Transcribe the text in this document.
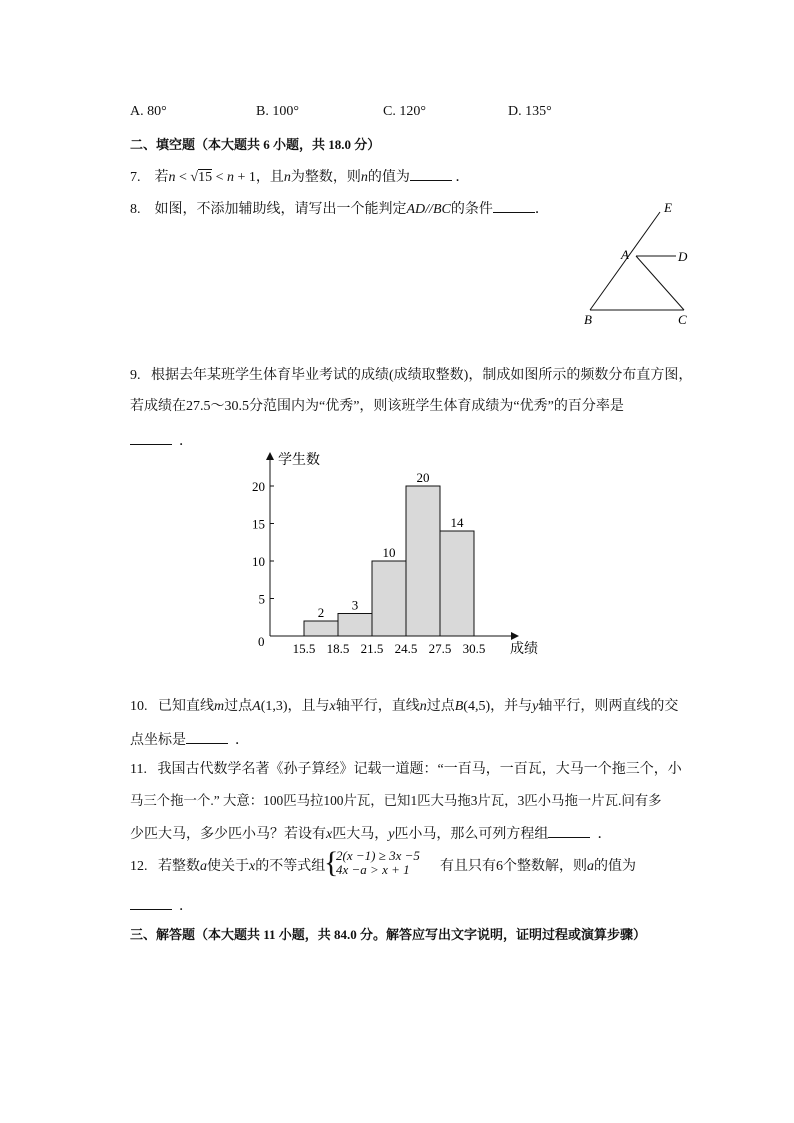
A. 80°	B. 100°	C. 120°	D. 135°
二、填空题（本大题共 6 小题，共 18.0 分）
7. 若n < √15 < n + 1，且n为整数，则n的值为	．
8. 如图，不添加辅助线，请写出一个能判定AD//BC的条件	．	E
A	D
B	C
9. 根据去年某班学生体育毕业考试的成绩(成绩取整数)，制成如图所示的频数分布直方图，
若成绩在27.5～30.5分范围内为“优秀”，则该班学生体育成绩为“优秀”的百分率是
．
学生数
成绩
0
2 3
10
20
14
5
10
15
20
15.5 18.5 21.5 24.5 27.5 30.5
10. 已知直线m过点A(1,3)，且与x轴平行，直线n过点B(4,5)，并与y轴平行，则两直线的交
点坐标是	．
11. 我国古代数学名著《孙子算经》记载一道题：“一百马，一百瓦，大马一个拖三个，小
马三个拖一个.” 大意：100匹马拉100片瓦，已知1匹大马拖3片瓦，3匹小马拖一片瓦.问有多
少匹大马，多少匹小马？若设有x匹大马，y匹小马，那么可列方程组	．
12. 若整数a使关于x的不等式组
{
2(x −1) ≥ 3x −5
4x −a > x + 1	有且只有6个整数解，则a的值为
．
三、解答题（本大题共 11 小题，共 84.0 分。解答应写出文字说明，证明过程或演算步骤）
